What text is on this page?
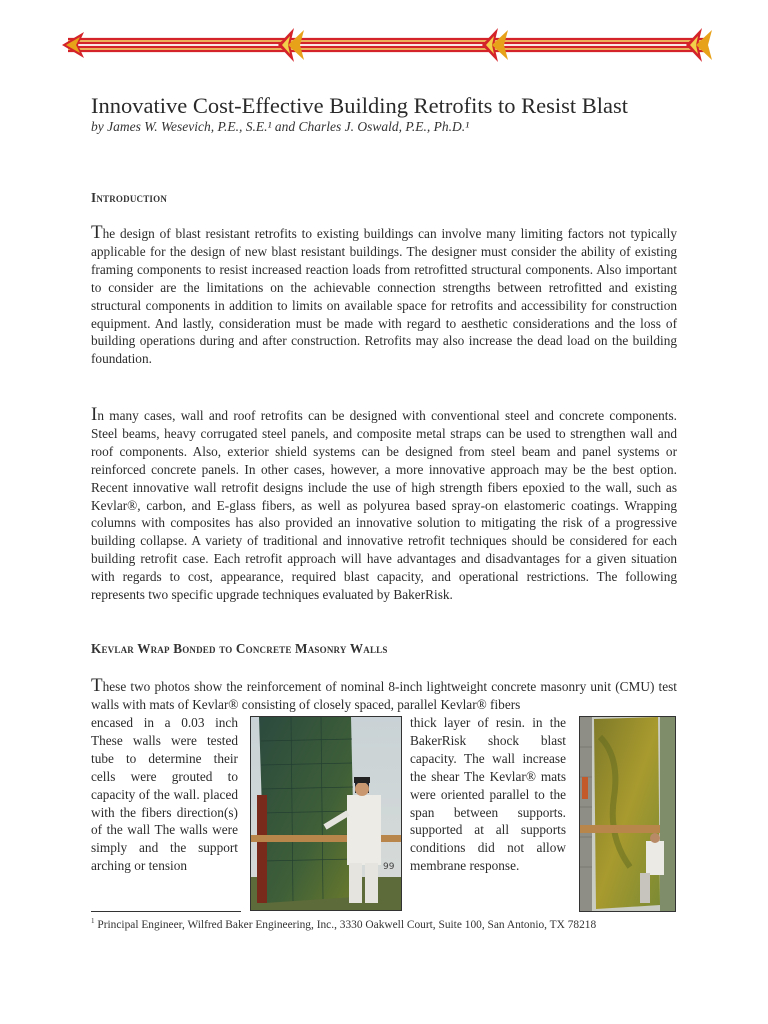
Innovative Cost-Effective Building Retrofits to Resist Blast
by James W. Wesevich, P.E., S.E.¹ and Charles J. Oswald, P.E., Ph.D.¹
Introduction
The design of blast resistant retrofits to existing buildings can involve many limiting factors not typically applicable for the design of new blast resistant buildings. The designer must consider the ability of existing framing components to resist increased reaction loads from retrofitted structural components. Also important to consider are the limitations on the achievable connection strengths between retrofitted and existing structural components in addition to limits on available space for retrofits and accessibility for construction equipment. And lastly, consideration must be made with regard to aesthetic considerations and the loss of building operations during and after construction. Retrofits may also increase the dead load on the building foundation.
In many cases, wall and roof retrofits can be designed with conventional steel and concrete components. Steel beams, heavy corrugated steel panels, and composite metal straps can be used to strengthen wall and roof components. Also, exterior shield systems can be designed from steel beam and panel systems or reinforced concrete panels. In other cases, however, a more innovative approach may be the best option. Recent innovative wall retrofit designs include the use of high strength fibers epoxied to the wall, such as Kevlar®, carbon, and E-glass fibers, as well as polyurea based spray-on elastomeric coatings. Wrapping columns with composites has also provided an innovative solution to mitigating the risk of a progressive building collapse. A variety of traditional and innovative retrofit techniques should be considered for each building retrofit case. Each retrofit approach will have advantages and disadvantages for a given situation with regards to cost, appearance, required blast capacity, and operational restrictions. The following represents two specific upgrade techniques evaluated by BakerRisk.
Kevlar Wrap Bonded to Concrete Masonry Walls
These two photos show the reinforcement of nominal 8-inch lightweight concrete masonry unit (CMU) test walls with mats of Kevlar® consisting of closely spaced, parallel Kevlar® fibers
encased in a 0.03 inch These walls were tested tube to determine their cells were grouted to capacity of the wall. placed with the fibers direction(s) of the wall The walls were simply and the support arching or tension	99
thick layer of resin. in the BakerRisk shock blast capacity. The wall increase the shear The Kevlar® mats were oriented parallel to the span between supports. supported at all supports conditions did not allow membrane response.
$^1$ Principal Engineer, Wilfred Baker Engineering, Inc., 3330 Oakwell Court, Suite 100, San Antonio, TX 78218
